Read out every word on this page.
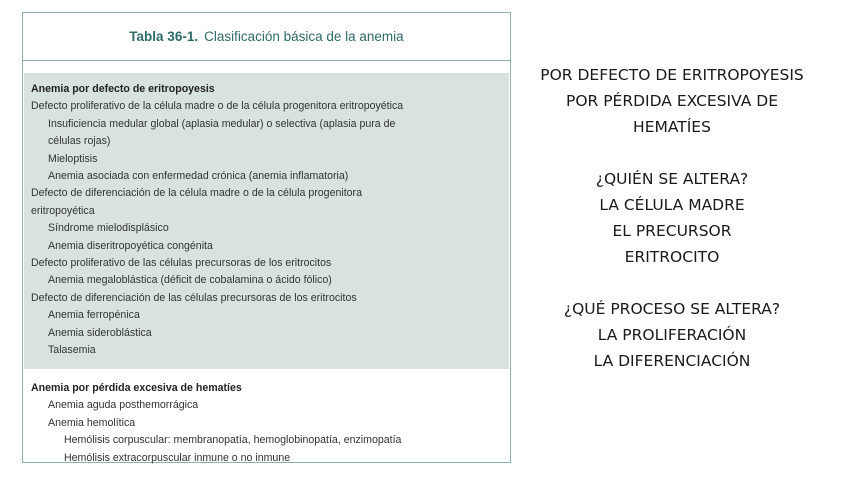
Tabla 36-1. Clasificación básica de la anemia
Anemia por defecto de eritropoyesis
Defecto proliferativo de la célula madre o de la célula progenitora eritropoyética
Insuficiencia medular global (aplasia medular) o selectiva (aplasia pura de
células rojas)
Mieloptisis
Anemia asociada con enfermedad crónica (anemia inflamatoria)
Defecto de diferenciación de la célula madre o de la célula progenitora
eritropoyética
Síndrome mielodisplásico
Anemia diseritropoyética congénita
Defecto proliferativo de las células precursoras de los eritrocitos
Anemia megaloblástica (déficit de cobalamina o ácido fólico)
Defecto de diferenciación de las células precursoras de los eritrocitos
Anemia ferropénica
Anemia sideroblástica
Talasemia
Anemia por pérdida excesiva de hematíes
Anemia aguda posthemorrágica
Anemia hemolítica
Hemólisis corpuscular: membranopatía, hemoglobinopatía, enzimopatía
Hemólisis extracorpuscular inmune o no inmune
POR DEFECTO DE ERITROPOYESIS
POR PÉRDIDA EXCESIVA DE
HEMATÍES
¿QUIÉN SE ALTERA?
LA CÉLULA MADRE
EL PRECURSOR
ERITROCITO
¿QUÉ PROCESO SE ALTERA?
LA PROLIFERACIÓN
LA DIFERENCIACIÓN
